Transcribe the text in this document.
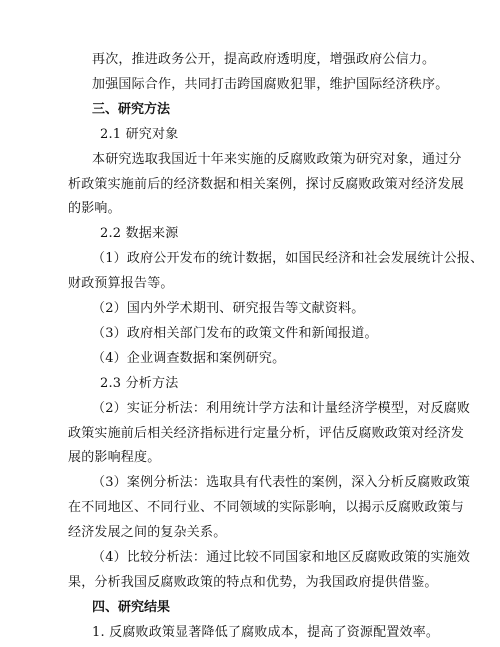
再次，推进政务公开，提高政府透明度，增强政府公信力。
加强国际合作，共同打击跨国腐败犯罪，维护国际经济秩序。
三、研究方法
2.1 研究对象
本研究选取我国近十年来实施的反腐败政策为研究对象，通过分
析政策实施前后的经济数据和相关案例，探讨反腐败政策对经济发展
的影响。
2.2 数据来源
（1）政府公开发布的统计数据，如国民经济和社会发展统计公报、
财政预算报告等。
（2）国内外学术期刊、研究报告等文献资料。
（3）政府相关部门发布的政策文件和新闻报道。
（4）企业调查数据和案例研究。
2.3 分析方法
（2）实证分析法：利用统计学方法和计量经济学模型，对反腐败
政策实施前后相关经济指标进行定量分析，评估反腐败政策对经济发
展的影响程度。
（3）案例分析法：选取具有代表性的案例，深入分析反腐败政策
在不同地区、不同行业、不同领域的实际影响，以揭示反腐败政策与
经济发展之间的复杂关系。
（4）比较分析法：通过比较不同国家和地区反腐败政策的实施效
果，分析我国反腐败政策的特点和优势，为我国政府提供借鉴。
四、研究结果
1. 反腐败政策显著降低了腐败成本，提高了资源配置效率。
